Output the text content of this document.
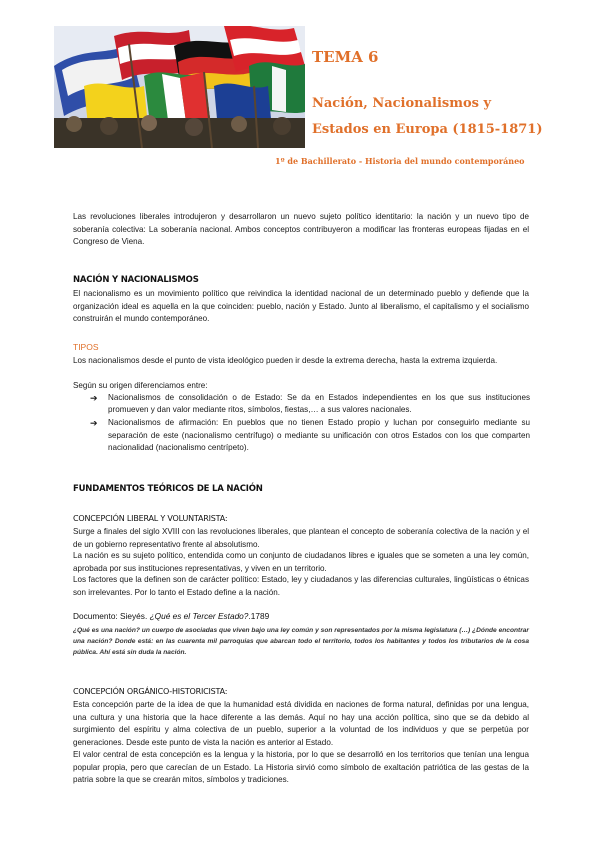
TEMA 6

Nación, Nacionalismos y

Estados en Europa (1815-1871)

1º de Bachillerato - Historia del mundo contemporáneo

Las revoluciones liberales introdujeron y desarrollaron un nuevo sujeto político identitario: la nación y un nuevo tipo de soberanía colectiva: La soberanía nacional. Ambos conceptos contribuyeron a modificar las fronteras europeas fijadas en el Congreso de Viena.

NACIÓN Y NACIONALISMOS

El nacionalismo es un movimiento político que reivindica la identidad nacional de un determinado pueblo y defiende que la organización ideal es aquella en la que coinciden: pueblo, nación y Estado. Junto al liberalismo, el capitalismo y el socialismo construirán el mundo contemporáneo.

TIPOS

Los nacionalismos desde el punto de vista ideológico pueden ir desde la extrema derecha, hasta la extrema izquierda.

Según su origen diferenciamos entre:

➔ Nacionalismos de consolidación o de Estado: Se da en Estados independientes en los que sus instituciones promueven y dan valor mediante ritos, símbolos, fiestas,… a sus valores nacionales.
➔ Nacionalismos de afirmación: En pueblos que no tienen Estado propio y luchan por conseguirlo mediante su separación de este (nacionalismo centrífugo) o mediante su unificación con otros Estados con los que comparten nacionalidad (nacionalismo centrípeto).
FUNDAMENTOS TEÓRICOS DE LA NACIÓN
CONCEPCIÓN LIBERAL Y VOLUNTARISTA:

Surge a finales del siglo XVIII con las revoluciones liberales, que plantean el concepto de soberanía colectiva de la nación y el de un gobierno representativo frente al absolutismo.

La nación es su sujeto político, entendida como un conjunto de ciudadanos libres e iguales que se someten a una ley común, aprobada por sus instituciones representativas, y viven en un territorio.

Los factores que la definen son de carácter político: Estado, ley y ciudadanos y las diferencias culturales, lingüísticas o étnicas son irrelevantes. Por lo tanto el Estado define a la nación.

Documento: Sieyés. ¿Qué es el Tercer Estado?.1789

¿Qué es una nación? un cuerpo de asociadas que viven bajo una ley común y son representados por la misma legislatura (…) ¿Dónde encontrar una nación? Donde está: en las cuarenta mil parroquias que abarcan todo el territorio, todos los habitantes y todos los tributarios de la cosa pública. Ahí está sin duda la nación.

CONCEPCIÓN ORGÁNICO-HISTORICISTA:

Esta concepción parte de la idea de que la humanidad está dividida en naciones de forma natural, definidas por una lengua, una cultura y una historia que la hace diferente a las demás. Aquí no hay una acción política, sino que se da debido al surgimiento del espíritu y alma colectiva de un pueblo, superior a la voluntad de los individuos y que se perpetúa por generaciones. Desde este punto de vista la nación es anterior al Estado.

El valor central de esta concepción es la lengua y la historia, por lo que se desarrolló en los territorios que tenían una lengua popular propia, pero que carecían de un Estado. La Historia sirvió como símbolo de exaltación patriótica de las gestas de la patria sobre la que se crearán mitos, símbolos y tradiciones.
